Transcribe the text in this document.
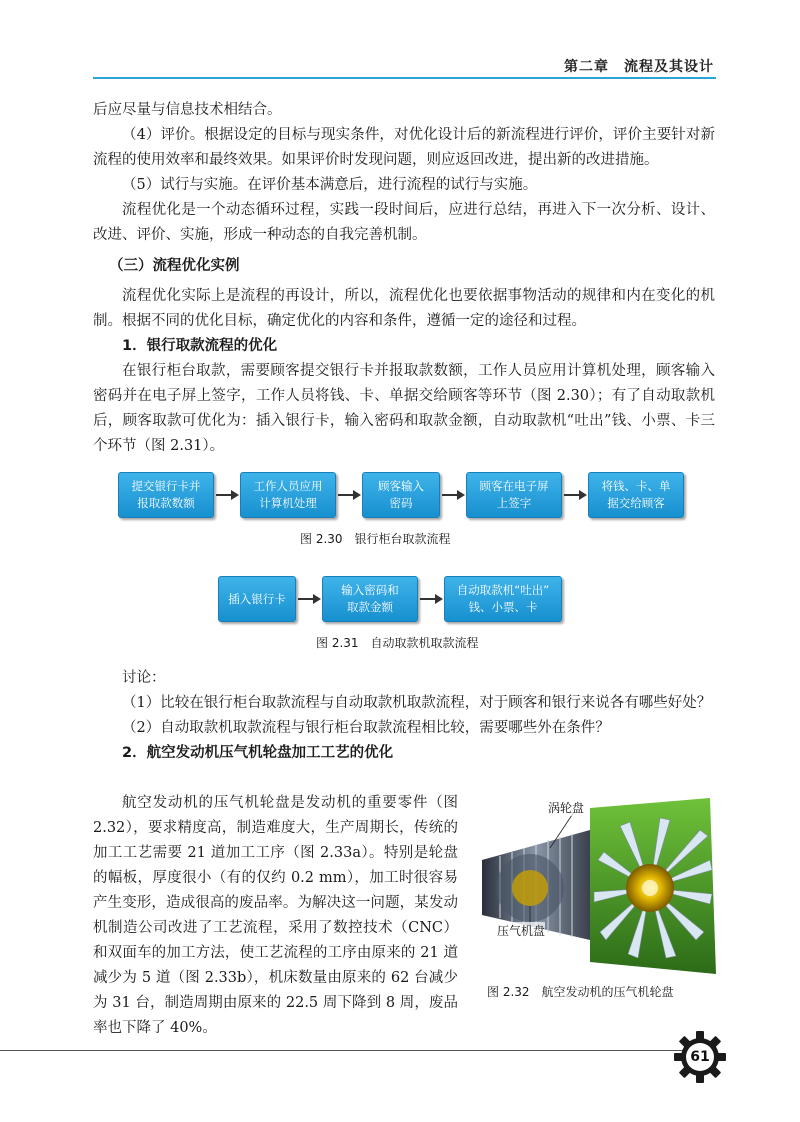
第二章　流程及其设计

后应尽量与信息技术相结合。

（4）评价。根据设定的目标与现实条件，对优化设计后的新流程进行评价，评价主要针对新流程的使用效率和最终效果。如果评价时发现问题，则应返回改进，提出新的改进措施。

（5）试行与实施。在评价基本满意后，进行流程的试行与实施。

流程优化是一个动态循环过程，实践一段时间后，应进行总结，再进入下一次分析、设计、改进、评价、实施，形成一种动态的自我完善机制。

（三）流程优化实例

流程优化实际上是流程的再设计，所以，流程优化也要依据事物活动的规律和内在变化的机制。根据不同的优化目标，确定优化的内容和条件，遵循一定的途径和过程。

1．银行取款流程的优化

在银行柜台取款，需要顾客提交银行卡并报取款数额，工作人员应用计算机处理，顾客输入密码并在电子屏上签字，工作人员将钱、卡、单据交给顾客等环节（图 2.30）；有了自动取款机后，顾客取款可优化为：插入银行卡，输入密码和取款金额，自动取款机“吐出”钱、小票、卡三个环节（图 2.31）。

提交银行卡并
报取款数额
工作人员应用
计算机处理
顾客输入
密码
顾客在电子屏
上签字
将钱、卡、单
据交给顾客
图 2.30 银行柜台取款流程
插入银行卡
输入密码和
取款金额
自动取款机“吐出”
钱、小票、卡
图 2.31 自动取款机取款流程

讨论：

（1）比较在银行柜台取款流程与自动取款机取款流程，对于顾客和银行来说各有哪些好处？

（2）自动取款机取款流程与银行柜台取款流程相比较，需要哪些外在条件？

2．航空发动机压气机轮盘加工工艺的优化

航空发动机的压气机轮盘是发动机的重要零件（图 2.32），要求精度高，制造难度大，生产周期长，传统的加工工艺需要 21 道加工工序（图 2.33a）。特别是轮盘的幅板，厚度很小（有的仅约 0.2 mm），加工时很容易产生变形，造成很高的废品率。为解决这一问题，某发动机制造公司改进了工艺流程，采用了数控技术（CNC）和双面车的加工方法，使工艺流程的工序由原来的 21 道减少为 5 道（图 2.33b），机床数量由原来的 62 台减少为 31 台，制造周期由原来的 22.5 周下降到 8 周，废品率也下降了 40%。

涡轮盘
压气机盘
图 2.32 航空发动机的压气机轮盘
61
